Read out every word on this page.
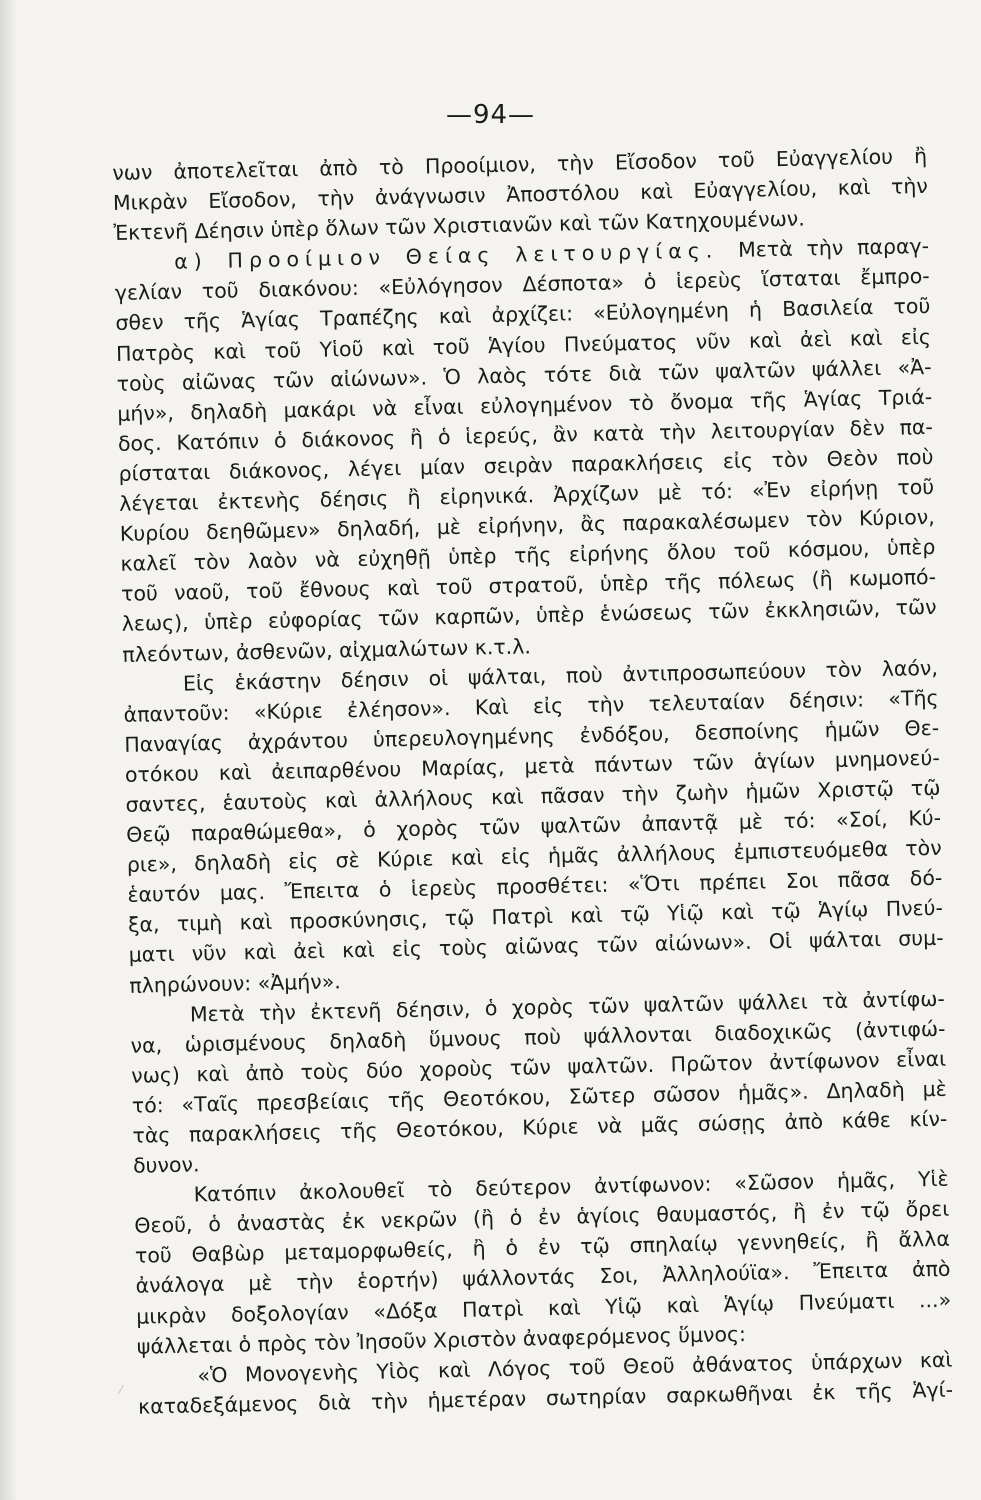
—94—
νων ἀποτελεῖται ἀπὸ τὸ Προοίμιον, τὴν Εἴσοδον τοῦ Εὐαγγελίου ἢ
Μικρὰν Εἴσοδον, τὴν ἀνάγνωσιν Ἀποστόλου καὶ Εὐαγγελίου, καὶ τὴν
Ἐκτενῆ Δέησιν ὑπὲρ ὅλων τῶν Χριστιανῶν καὶ τῶν Κατηχουμένων.
α) Προοίμιον Θείας λειτουργίας. Μετὰ τὴν παραγ-
γελίαν τοῦ διακόνου: «Εὐλόγησον Δέσποτα» ὁ ἱερεὺς ἵσταται ἔμπρο-
σθεν τῆς Ἁγίας Τραπέζης καὶ ἀρχίζει: «Εὐλογημένη ἡ Βασιλεία τοῦ
Πατρὸς καὶ τοῦ Υἱοῦ καὶ τοῦ Ἁγίου Πνεύματος νῦν καὶ ἀεὶ καὶ εἰς
τοὺς αἰῶνας τῶν αἰώνων». Ὁ λαὸς τότε διὰ τῶν ψαλτῶν ψάλλει «Ἀ-
μήν», δηλαδὴ μακάρι νὰ εἶναι εὐλογημένον τὸ ὄνομα τῆς Ἁγίας Τριά-
δος. Κατόπιν ὁ διάκονος ἢ ὁ ἱερεύς, ἂν κατὰ τὴν λειτουργίαν δὲν πα-
ρίσταται διάκονος, λέγει μίαν σειρὰν παρακλήσεις εἰς τὸν Θεὸν ποὺ
λέγεται ἐκτενὴς δέησις ἢ εἰρηνικά. Ἀρχίζων μὲ τό: «Ἐν εἰρήνῃ τοῦ
Κυρίου δεηθῶμεν» δηλαδή, μὲ εἰρήνην, ἂς παρακαλέσωμεν τὸν Κύριον,
καλεῖ τὸν λαὸν νὰ εὐχηθῇ ὑπὲρ τῆς εἰρήνης ὅλου τοῦ κόσμου, ὑπὲρ
τοῦ ναοῦ, τοῦ ἔθνους καὶ τοῦ στρατοῦ, ὑπὲρ τῆς πόλεως (ἢ κωμοπό-
λεως), ὑπὲρ εὐφορίας τῶν καρπῶν, ὑπὲρ ἑνώσεως τῶν ἐκκλησιῶν, τῶν
πλεόντων, ἀσθενῶν, αἰχμαλώτων κ.τ.λ.
Εἰς ἑκάστην δέησιν οἱ ψάλται, ποὺ ἀντιπροσωπεύουν τὸν λαόν,
ἀπαντοῦν: «Κύριε ἐλέησον». Καὶ εἰς τὴν τελευταίαν δέησιν: «Τῆς
Παναγίας ἀχράντου ὑπερευλογημένης ἐνδόξου, δεσποίνης ἡμῶν Θε-
οτόκου καὶ ἀειπαρθένου Μαρίας, μετὰ πάντων τῶν ἁγίων μνημονεύ-
σαντες, ἑαυτοὺς καὶ ἀλλήλους καὶ πᾶσαν τὴν ζωὴν ἡμῶν Χριστῷ τῷ
Θεῷ παραθώμεθα», ὁ χορὸς τῶν ψαλτῶν ἀπαντᾷ μὲ τό: «Σοί, Κύ-
ριε», δηλαδὴ εἰς σὲ Κύριε καὶ εἰς ἡμᾶς ἀλλήλους ἐμπιστευόμεθα τὸν
ἑαυτόν μας. Ἔπειτα ὁ ἱερεὺς προσθέτει: «Ὅτι πρέπει Σοι πᾶσα δό-
ξα, τιμὴ καὶ προσκύνησις, τῷ Πατρὶ καὶ τῷ Υἱῷ καὶ τῷ Ἁγίῳ Πνεύ-
ματι νῦν καὶ ἀεὶ καὶ εἰς τοὺς αἰῶνας τῶν αἰώνων». Οἱ ψάλται συμ-
πληρώνουν: «Ἀμήν».
Μετὰ τὴν ἐκτενῆ δέησιν, ὁ χορὸς τῶν ψαλτῶν ψάλλει τὰ ἀντίφω-
να, ὡρισμένους δηλαδὴ ὕμνους ποὺ ψάλλονται διαδοχικῶς (ἀντιφώ-
νως) καὶ ἀπὸ τοὺς δύο χοροὺς τῶν ψαλτῶν. Πρῶτον ἀντίφωνον εἶναι
τό: «Ταῖς πρεσβείαις τῆς Θεοτόκου, Σῶτερ σῶσον ἡμᾶς». Δηλαδὴ μὲ
τὰς παρακλήσεις τῆς Θεοτόκου, Κύριε νὰ μᾶς σώσῃς ἀπὸ κάθε κίν-
δυνον.
Κατόπιν ἀκολουθεῖ τὸ δεύτερον ἀντίφωνον: «Σῶσον ἡμᾶς, Υἱὲ
Θεοῦ, ὁ ἀναστὰς ἐκ νεκρῶν (ἢ ὁ ἐν ἁγίοις θαυμαστός, ἢ ἐν τῷ ὄρει
τοῦ Θαβὼρ μεταμορφωθείς, ἢ ὁ ἐν τῷ σπηλαίῳ γεννηθείς, ἢ ἄλλα
ἀνάλογα μὲ τὴν ἑορτήν) ψάλλοντάς Σοι, Ἀλληλούϊα». Ἔπειτα ἀπὸ
μικρὰν δοξολογίαν «Δόξα Πατρὶ καὶ Υἱῷ καὶ Ἁγίῳ Πνεύματι ...»
ψάλλεται ὁ πρὸς τὸν Ἰησοῦν Χριστὸν ἀναφερόμενος ὕμνος:
«Ὁ Μονογενὴς Υἱὸς καὶ Λόγος τοῦ Θεοῦ ἀθάνατος ὑπάρχων καὶ
καταδεξάμενος διὰ τὴν ἡμετέραν σωτηρίαν σαρκωθῆναι ἐκ τῆς Ἁγί-
